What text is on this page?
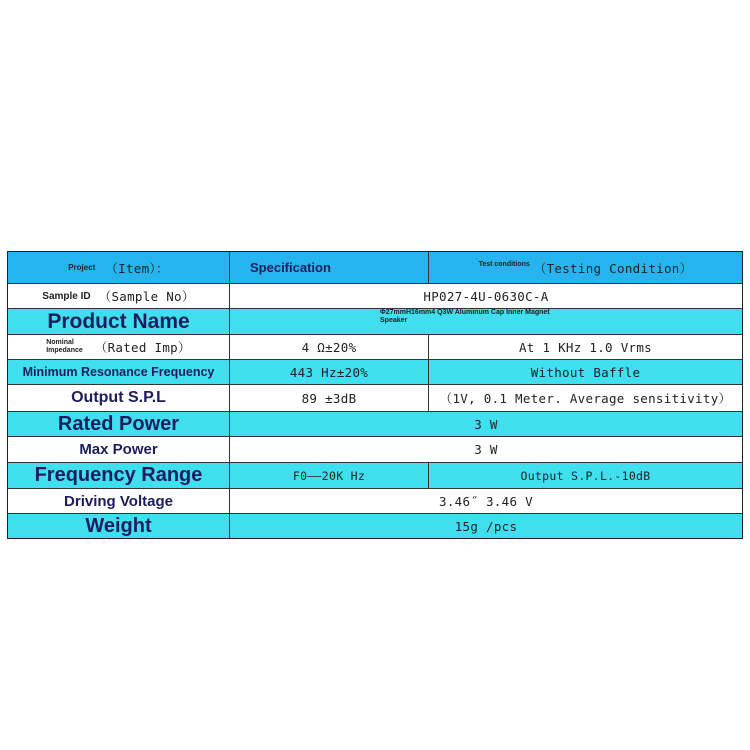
Project （Item）：	Specification	Test conditions （Testing Condition）
Sample ID （Sample No）	HP027-4U-0630C-A
Product Name	Φ27mmH16mm4 Q3W Aluminum Cap Inner Magnet
Speaker
Nominal
Impedance （Rated Imp）	4 Ω±20%	At 1 KHz 1.0 Vrms
Minimum Resonance Frequency	443 Hz±20%	Without Baffle
Output S.P.L	89 ±3dB	（1V, 0.1 Meter. Average sensitivity）
Rated Power	3 W
Max Power	3 W
Frequency Range	F0——20K Hz	Output S.P.L.-10dB
Driving Voltage	3.46˝ 3.46 V
Weight	15g /pcs
